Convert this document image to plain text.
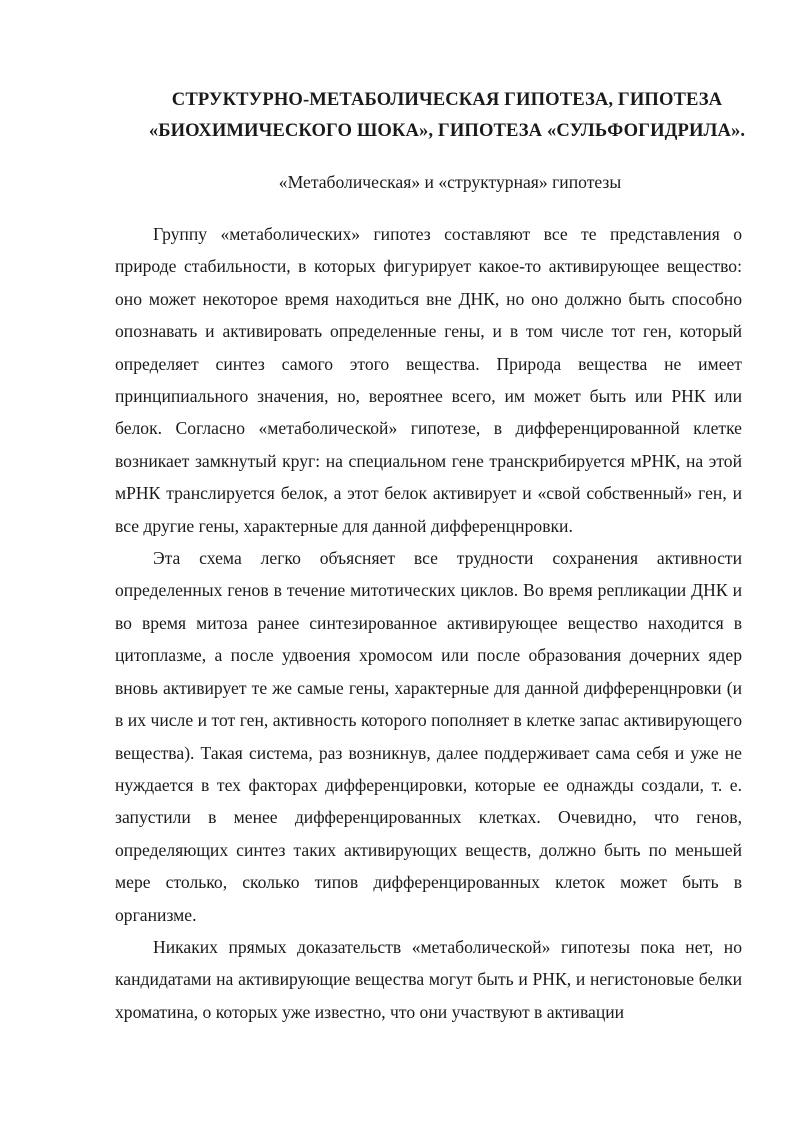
СТРУКТУРНО-МЕТАБОЛИЧЕСКАЯ ГИПОТЕЗА, ГИПОТЕЗА
«БИОХИМИЧЕСКОГО ШОКА», ГИПОТЕЗА «СУЛЬФОГИДРИЛА».
«Метаболическая» и «структурная» гипотезы

Группу «метаболических» гипотез составляют все те представления о природе стабильности, в которых фигурирует какое-то активирующее вещество: оно может некоторое время находиться вне ДНК, но оно должно быть способно опознавать и активировать определенные гены, и в том числе тот ген, который определяет синтез самого этого вещества. Природа вещества не имеет принципиального значения, но, вероятнее всего, им может быть или РНК или белок. Согласно «метаболической» гипотезе, в дифференцированной клетке возникает замкнутый круг: на специальном гене транскрибируется мРНК, на этой мРНК транслируется белок, а этот белок активирует и «свой собственный» ген, и все другие гены, характерные для данной дифференцнровки.

Эта схема легко объясняет все трудности сохранения активности определенных генов в течение митотических циклов. Во время репликации ДНК и во время митоза ранее синтезированное активирующее вещество находится в цитоплазме, а после удвоения хромосом или после образования дочерних ядер вновь активирует те же самые гены, характерные для данной дифференцнровки (и в их числе и тот ген, активность которого пополняет в клетке запас активирующего вещества). Такая система, раз возникнув, далее поддерживает сама себя и уже не нуждается в тех факторах дифференцировки, которые ее однажды создали, т. е. запустили в менее дифференцированных клетках. Очевидно, что генов, определяющих синтез таких активирующих веществ, должно быть по меньшей мере столько, сколько типов дифференцированных клеток может быть в организме.

Никаких прямых доказательств «метаболической» гипотезы пока нет, но кандидатами на активирующие вещества могут быть и РНК, и негистоновые белки хроматина, о которых уже известно, что они участвуют в активации
